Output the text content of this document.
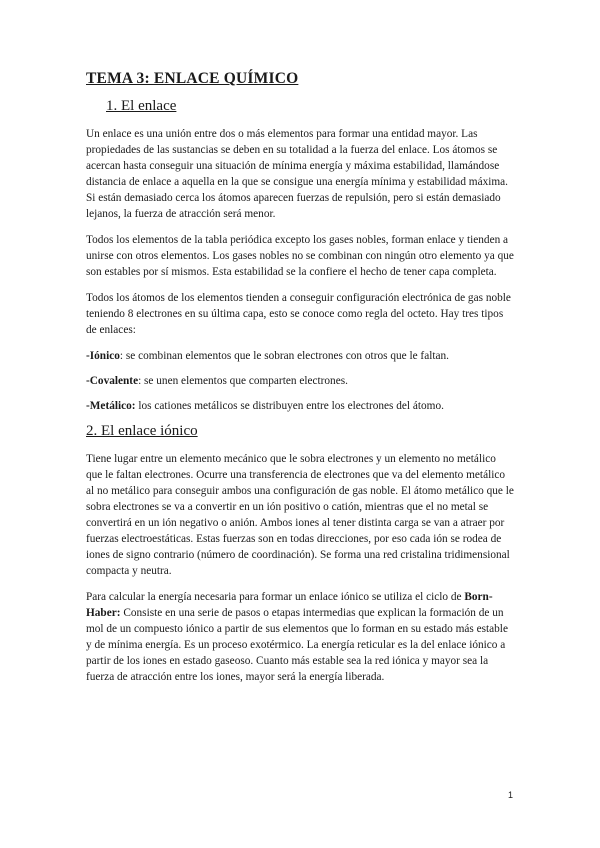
TEMA 3: ENLACE QUÍMICO
1. El enlace

Un enlace es una unión entre dos o más elementos para formar una entidad mayor. Las propiedades de las sustancias se deben en su totalidad a la fuerza del enlace. Los átomos se acercan hasta conseguir una situación de mínima energía y máxima estabilidad, llamándose distancia de enlace a aquella en la que se consigue una energía mínima y estabilidad máxima. Si están demasiado cerca los átomos aparecen fuerzas de repulsión, pero si están demasiado lejanos, la fuerza de atracción será menor.

Todos los elementos de la tabla periódica excepto los gases nobles, forman enlace y tienden a unirse con otros elementos. Los gases nobles no se combinan con ningún otro elemento ya que son estables por sí mismos. Esta estabilidad se la confiere el hecho de tener capa completa.

Todos los átomos de los elementos tienden a conseguir configuración electrónica de gas noble teniendo 8 electrones en su última capa, esto se conoce como regla del octeto. Hay tres tipos de enlaces:

-Iónico: se combinan elementos que le sobran electrones con otros que le faltan.

-Covalente: se unen elementos que comparten electrones.

-Metálico: los cationes metálicos se distribuyen entre los electrones del átomo.

2. El enlace iónico

Tiene lugar entre un elemento mecánico que le sobra electrones y un elemento no metálico que le faltan electrones. Ocurre una transferencia de electrones que va del elemento metálico al no metálico para conseguir ambos una configuración de gas noble. El átomo metálico que le sobra electrones se va a convertir en un ión positivo o catión, mientras que el no metal se convertirá en un ión negativo o anión. Ambos iones al tener distinta carga se van a atraer por fuerzas electroestáticas. Estas fuerzas son en todas direcciones, por eso cada ión se rodea de iones de signo contrario (número de coordinación). Se forma una red cristalina tridimensional compacta y neutra.

Para calcular la energía necesaria para formar un enlace iónico se utiliza el ciclo de Born- Haber: Consiste en una serie de pasos o etapas intermedias que explican la formación de un mol de un compuesto iónico a partir de sus elementos que lo forman en su estado más estable y de mínima energía. Es un proceso exotérmico. La energía reticular es la del enlace iónico a partir de los iones en estado gaseoso. Cuanto más estable sea la red iónica y mayor sea la fuerza de atracción entre los iones, mayor será la energía liberada.

1
